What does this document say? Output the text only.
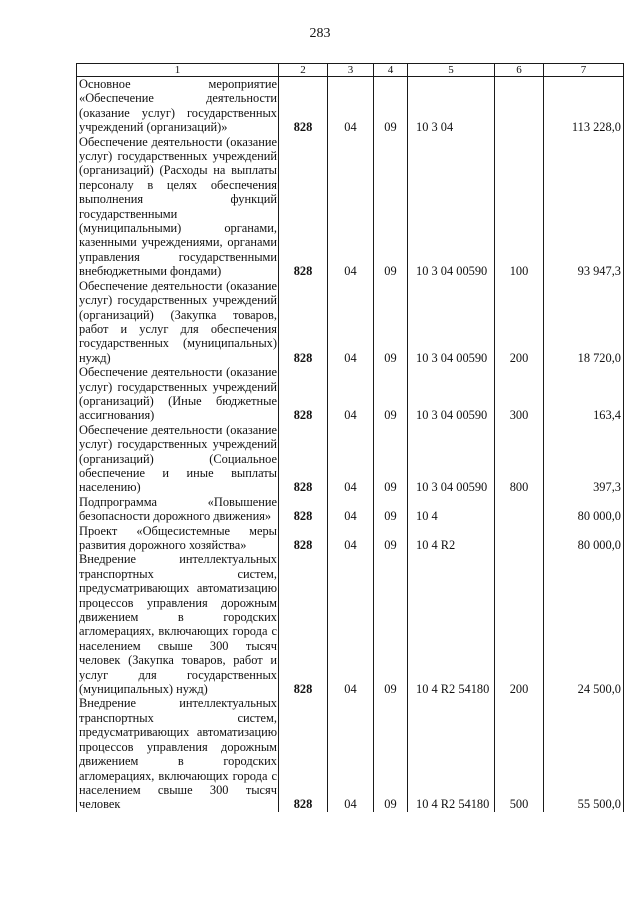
283
1	2	3	4	5	6	7
Основное мероприятие «Обеспечение деятельности (оказание услуг) государственных учреждений (организаций)»	828	04	09	10 3 04		113 228,0
Обеспечение деятельности (оказание услуг) государственных учреждений (организаций) (Расходы на выплаты персоналу в целях обеспечения выполнения функций государственными (муниципальными) органами, казенными учреждениями, органами управления государственными внебюджетными фондами)	828	04	09	10 3 04 00590	100	93 947,3
Обеспечение деятельности (оказание услуг) государственных учреждений (организаций) (Закупка товаров, работ и услуг для обеспечения государственных (муниципальных) нужд)	828	04	09	10 3 04 00590	200	18 720,0
Обеспечение деятельности (оказание услуг) государственных учреждений (организаций) (Иные бюджетные ассигнования)	828	04	09	10 3 04 00590	300	163,4
Обеспечение деятельности (оказание услуг) государственных учреждений (организаций) (Социальное обеспечение и иные выплаты населению)	828	04	09	10 3 04 00590	800	397,3
Подпрограмма «Повышение безопасности дорожного движения»	828	04	09	10 4		80 000,0
Проект «Общесистемные меры развития дорожного хозяйства»	828	04	09	10 4 R2		80 000,0
Внедрение интеллектуальных транспортных систем, предусматривающих автоматизацию процессов управления дорожным движением в городских агломерациях, включающих города с населением свыше 300 тысяч человек (Закупка товаров, работ и услуг для государственных (муниципальных) нужд)	828	04	09	10 4 R2 54180	200	24 500,0
Внедрение интеллектуальных транспортных систем, предусматривающих автоматизацию процессов управления дорожным движением в городских агломерациях, включающих города с населением свыше 300 тысяч человек	828	04	09	10 4 R2 54180	500	55 500,0
